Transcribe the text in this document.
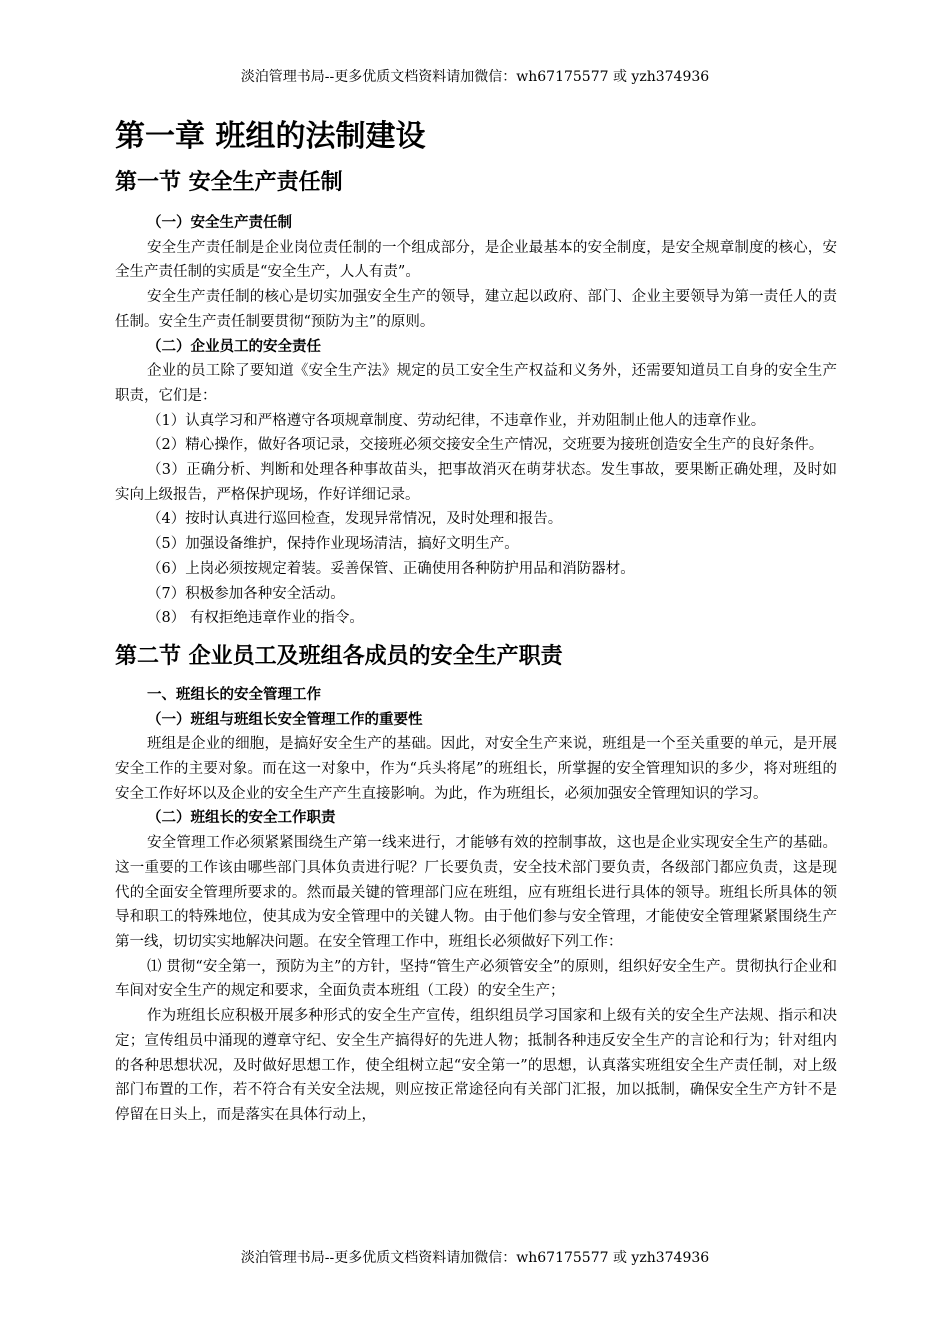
淡泊管理书局--更多优质文档资料请加微信：wh67175577 或 yzh374936
第一章 班组的法制建设
第一节 安全生产责任制
（一）安全生产责任制

安全生产责任制是企业岗位责任制的一个组成部分，是企业最基本的安全制度，是安全规章制度的核心，安全生产责任制的实质是“安全生产，人人有责”。

安全生产责任制的核心是切实加强安全生产的领导，建立起以政府、部门、企业主要领导为第一责任人的责任制。安全生产责任制要贯彻“预防为主”的原则。

（二）企业员工的安全责任

企业的员工除了要知道《安全生产法》规定的员工安全生产权益和义务外，还需要知道员工自身的安全生产职责，它们是：

（1）认真学习和严格遵守各项规章制度、劳动纪律，不违章作业，并劝阻制止他人的违章作业。

（2）精心操作，做好各项记录，交接班必须交接安全生产情况，交班要为接班创造安全生产的良好条件。

（3）正确分析、判断和处理各种事故苗头，把事故消灭在萌芽状态。发生事故，要果断正确处理，及时如实向上级报告，严格保护现场，作好详细记录。

（4）按时认真进行巡回检查，发现异常情况，及时处理和报告。

（5）加强设备维护，保持作业现场清洁，搞好文明生产。

（6）上岗必须按规定着装。妥善保管、正确使用各种防护用品和消防器材。

（7）积极参加各种安全活动。

（8） 有权拒绝违章作业的指令。

第二节 企业员工及班组各成员的安全生产职责
一、班组长的安全管理工作
（一）班组与班组长安全管理工作的重要性

班组是企业的细胞，是搞好安全生产的基础。因此，对安全生产来说，班组是一个至关重要的单元，是开展安全工作的主要对象。而在这一对象中，作为“兵头将尾”的班组长，所掌握的安全管理知识的多少，将对班组的安全工作好坏以及企业的安全生产产生直接影响。为此，作为班组长，必须加强安全管理知识的学习。

（二）班组长的安全工作职责

安全管理工作必须紧紧围绕生产第一线来进行，才能够有效的控制事故，这也是企业实现安全生产的基础。这一重要的工作该由哪些部门具体负责进行呢？厂长要负责，安全技术部门要负责，各级部门都应负责，这是现代的全面安全管理所要求的。然而最关键的管理部门应在班组，应有班组长进行具体的领导。班组长所具体的领导和职工的特殊地位，使其成为安全管理中的关键人物。由于他们参与安全管理，才能使安全管理紧紧围绕生产第一线，切切实实地解决问题。在安全管理工作中，班组长必须做好下列工作：

⑴ 贯彻“安全第一，预防为主”的方针，坚持“管生产必须管安全”的原则，组织好安全生产。贯彻执行企业和车间对安全生产的规定和要求，全面负责本班组（工段）的安全生产；

作为班组长应积极开展多种形式的安全生产宣传，组织组员学习国家和上级有关的安全生产法规、指示和决定；宣传组员中涌现的遵章守纪、安全生产搞得好的先进人物；抵制各种违反安全生产的言论和行为；针对组内的各种思想状况，及时做好思想工作，使全组树立起“安全第一”的思想，认真落实班组安全生产责任制，对上级部门布置的工作，若不符合有关安全法规，则应按正常途径向有关部门汇报，加以抵制，确保安全生产方针不是停留在日头上，而是落实在具体行动上，

淡泊管理书局--更多优质文档资料请加微信：wh67175577 或 yzh374936
